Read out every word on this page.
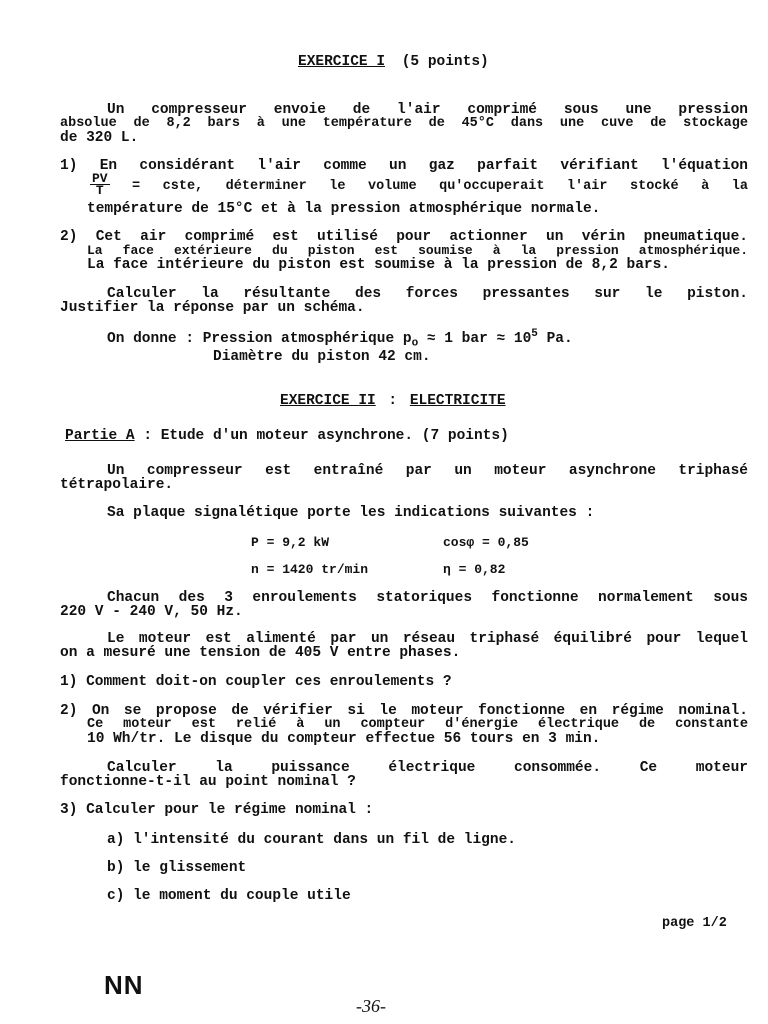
EXERCICE I (5 points)
Un compresseur envoie de l'air comprimé sous une pression
absolue de 8,2 bars à une température de 45°C dans une cuve de stockage
de 320 L.
1) En considérant l'air comme un gaz parfait vérifiant l'équation
$\frac{PV}{T}$ = cste, déterminer le volume qu'occuperait l'air stocké à la
température de 15°C et à la pression atmosphérique normale.
2) Cet air comprimé est utilisé pour actionner un vérin pneumatique.
La face extérieure du piston est soumise à la pression atmosphérique.
La face intérieure du piston est soumise à la pression de 8,2 bars.
Calculer la résultante des forces pressantes sur le piston.
Justifier la réponse par un schéma.
On donne : Pression atmosphérique $p_o \approx 1$ bar ≈ $10^5$ Pa.
Diamètre du piston 42 cm.
EXERCICE II : ELECTRICITE
Partie A : Etude d'un moteur asynchrone. (7 points)
Un compresseur est entraîné par un moteur asynchrone triphasé
tétrapolaire.
Sa plaque signalétique porte les indications suivantes :
P = 9,2 kW	cosφ = 0,85
n = 1420 tr/min	η = 0,82
Chacun des 3 enroulements statoriques fonctionne normalement sous
220 V - 240 V, 50 Hz.
Le moteur est alimenté par un réseau triphasé équilibré pour lequel
on a mesuré une tension de 405 V entre phases.
1) Comment doit-on coupler ces enroulements ?
2) On se propose de vérifier si le moteur fonctionne en régime nominal.
Ce moteur est relié à un compteur d'énergie électrique de constante
10 Wh/tr. Le disque du compteur effectue 56 tours en 3 min.
Calculer la puissance électrique consommée. Ce moteur
fonctionne-t-il au point nominal ?
3) Calculer pour le régime nominal :
a) l'intensité du courant dans un fil de ligne.
b) le glissement
c) le moment du couple utile
page 1/2
NN
-36-
